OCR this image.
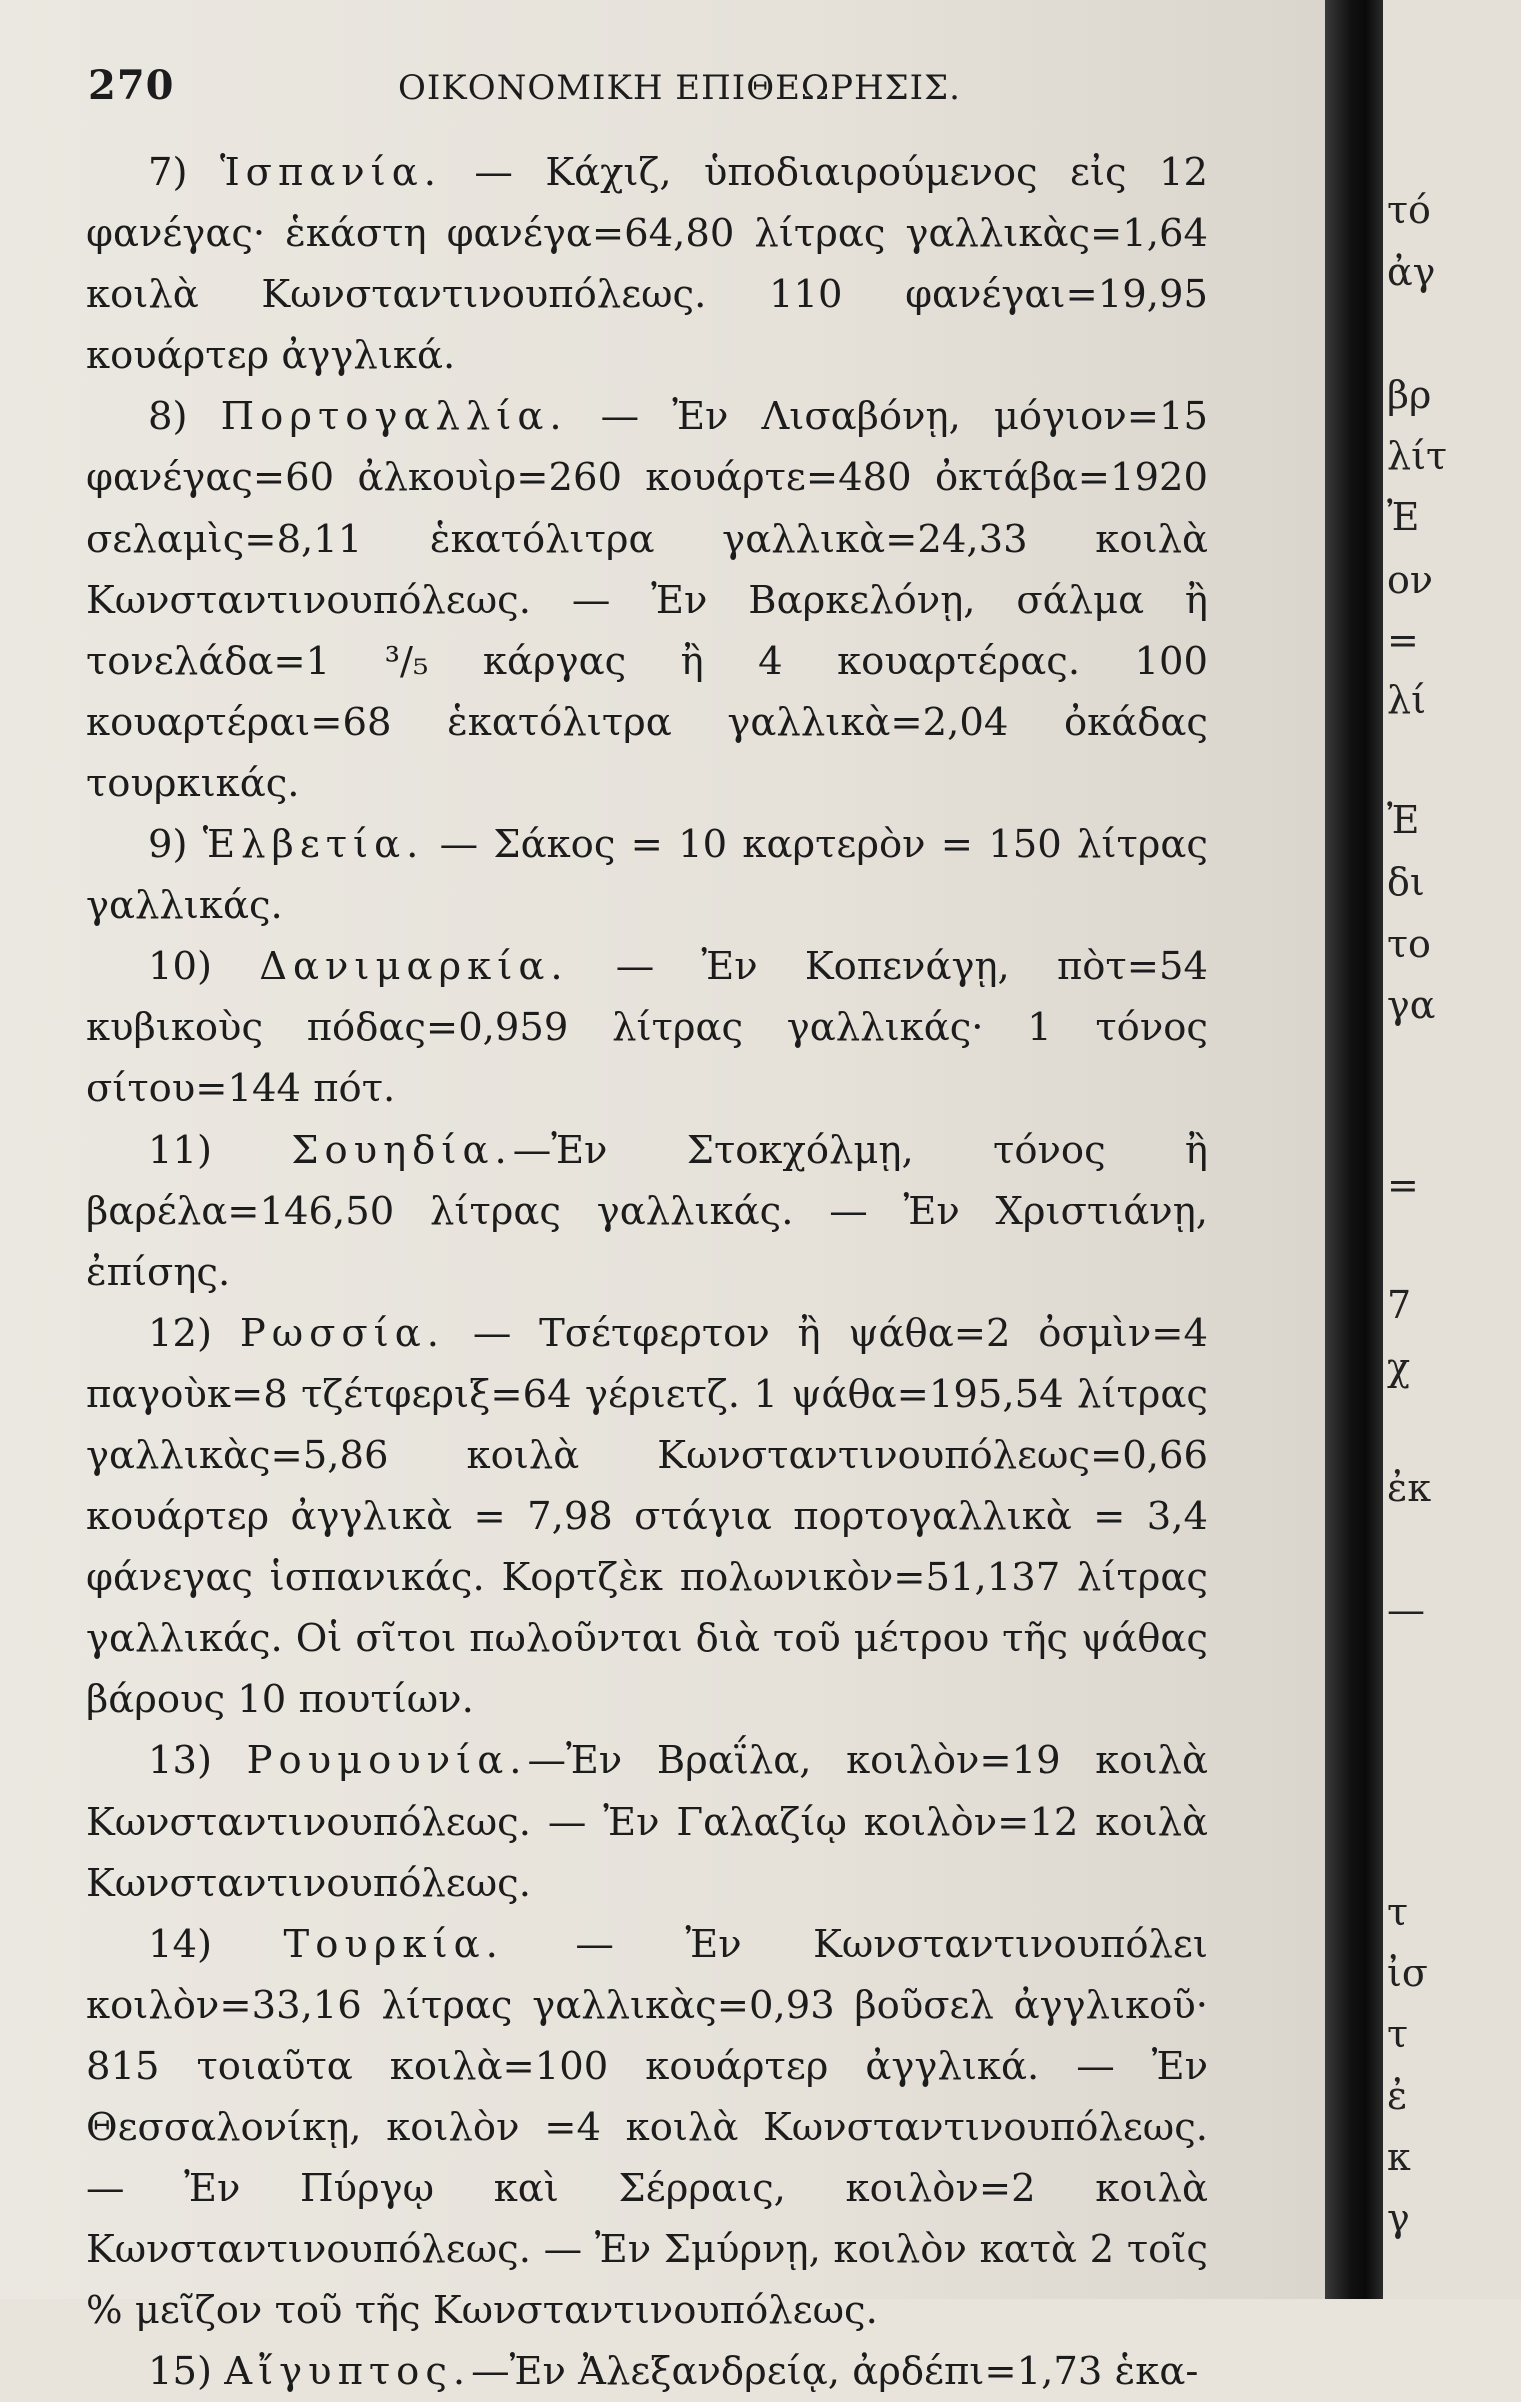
270	ΟΙΚΟΝΟΜΙΚΗ ΕΠΙΘΕΩΡΗΣΙΣ.

7) Ἱσπανία. — Κάχιζ, ὑποδιαιρούμενος εἰς 12 φανέγας· ἑκάστη φανέγα=64,80 λίτρας γαλλικὰς=1,64 κοιλὰ Κωνσταντινουπόλεως. 110 φανέγαι=19,95 κουάρτερ ἀγγλικά.

8) Πορτογαλλία. — Ἐν Λισαβόνῃ, μόγιον=15 φανέγας=60 ἀλκουὶρ=260 κουάρτε=480 ὀκτάβα=1920 σελαμὶς=8,11 ἑκατόλιτρα γαλλικὰ=24,33 κοιλὰ Κωνσταντινουπόλεως. — Ἐν Βαρκελόνῃ, σάλμα ἢ τονελάδα=1 ³/₅ κάργας ἢ 4 κουαρτέρας. 100 κουαρτέραι=68 ἑκατόλιτρα γαλλικὰ=2,04 ὀκάδας τουρκικάς.

9) Ἑλβετία. — Σάκος = 10 καρτερὸν = 150 λίτρας γαλλικάς.

10) Δανιμαρκία. — Ἐν Κοπενάγῃ, πὸτ=54 κυβικοὺς πόδας=0,959 λίτρας γαλλικάς· 1 τόνος σίτου=144 πότ.

11) Σουηδία.—Ἐν Στοκχόλμῃ, τόνος ἢ βαρέλα=146,50 λίτρας γαλλικάς. — Ἐν Χριστιάνῃ, ἐπίσης.

12) Ρωσσία. — Τσέτφερτον ἢ ψάθα=2 ὀσμὶν=4 παγοὺκ=8 τζέτφεριξ=64 γέριετζ. 1 ψάθα=195,54 λίτρας γαλλικὰς=5,86 κοιλὰ Κωνσταντινουπόλεως=0,66 κουάρτερ ἀγγλικὰ = 7,98 στάγια πορτογαλλικὰ = 3,4 φάνεγας ἱσπανικάς. Κορτζὲκ πολωνικὸν=51,137 λίτρας γαλλικάς. Οἱ σῖτοι πωλοῦνται διὰ τοῦ μέτρου τῆς ψάθας βάρους 10 πουτίων.

13) Ρουμουνία.—Ἐν Βραΐλα, κοιλὸν=19 κοιλὰ Κωνσταντινουπόλεως. — Ἐν Γαλαζίῳ κοιλὸν=12 κοιλὰ Κωνσταντινουπόλεως.

14) Τουρκία. — Ἐν Κωνσταντινουπόλει κοιλὸν=33,16 λίτρας γαλλικὰς=0,93 βοῦσελ ἀγγλικοῦ· 815 τοιαῦτα κοιλὰ=100 κουάρτερ ἀγγλικά. — Ἐν Θεσσαλονίκῃ, κοιλὸν =4 κοιλὰ Κωνσταντινουπόλεως. — Ἐν Πύργῳ καὶ Σέρραις, κοιλὸν=2 κοιλὰ Κωνσταντινουπόλεως. — Ἐν Σμύρνῃ, κοιλὸν κατὰ 2 τοῖς % μεῖζον τοῦ τῆς Κωνσταντινουπόλεως.

15) Αἴγυπτος.—Ἐν Ἀλεξανδρείᾳ, ἀρδέπι=1,73 ἑκα-

τό
ἀγ
βρ
λίτ
Ἐ
ον
=
λί
Ἐ
δι
το
γα
=
7
χ
ἐκ
—
τ
ἰσ
τ
ἐ
κ
γ
